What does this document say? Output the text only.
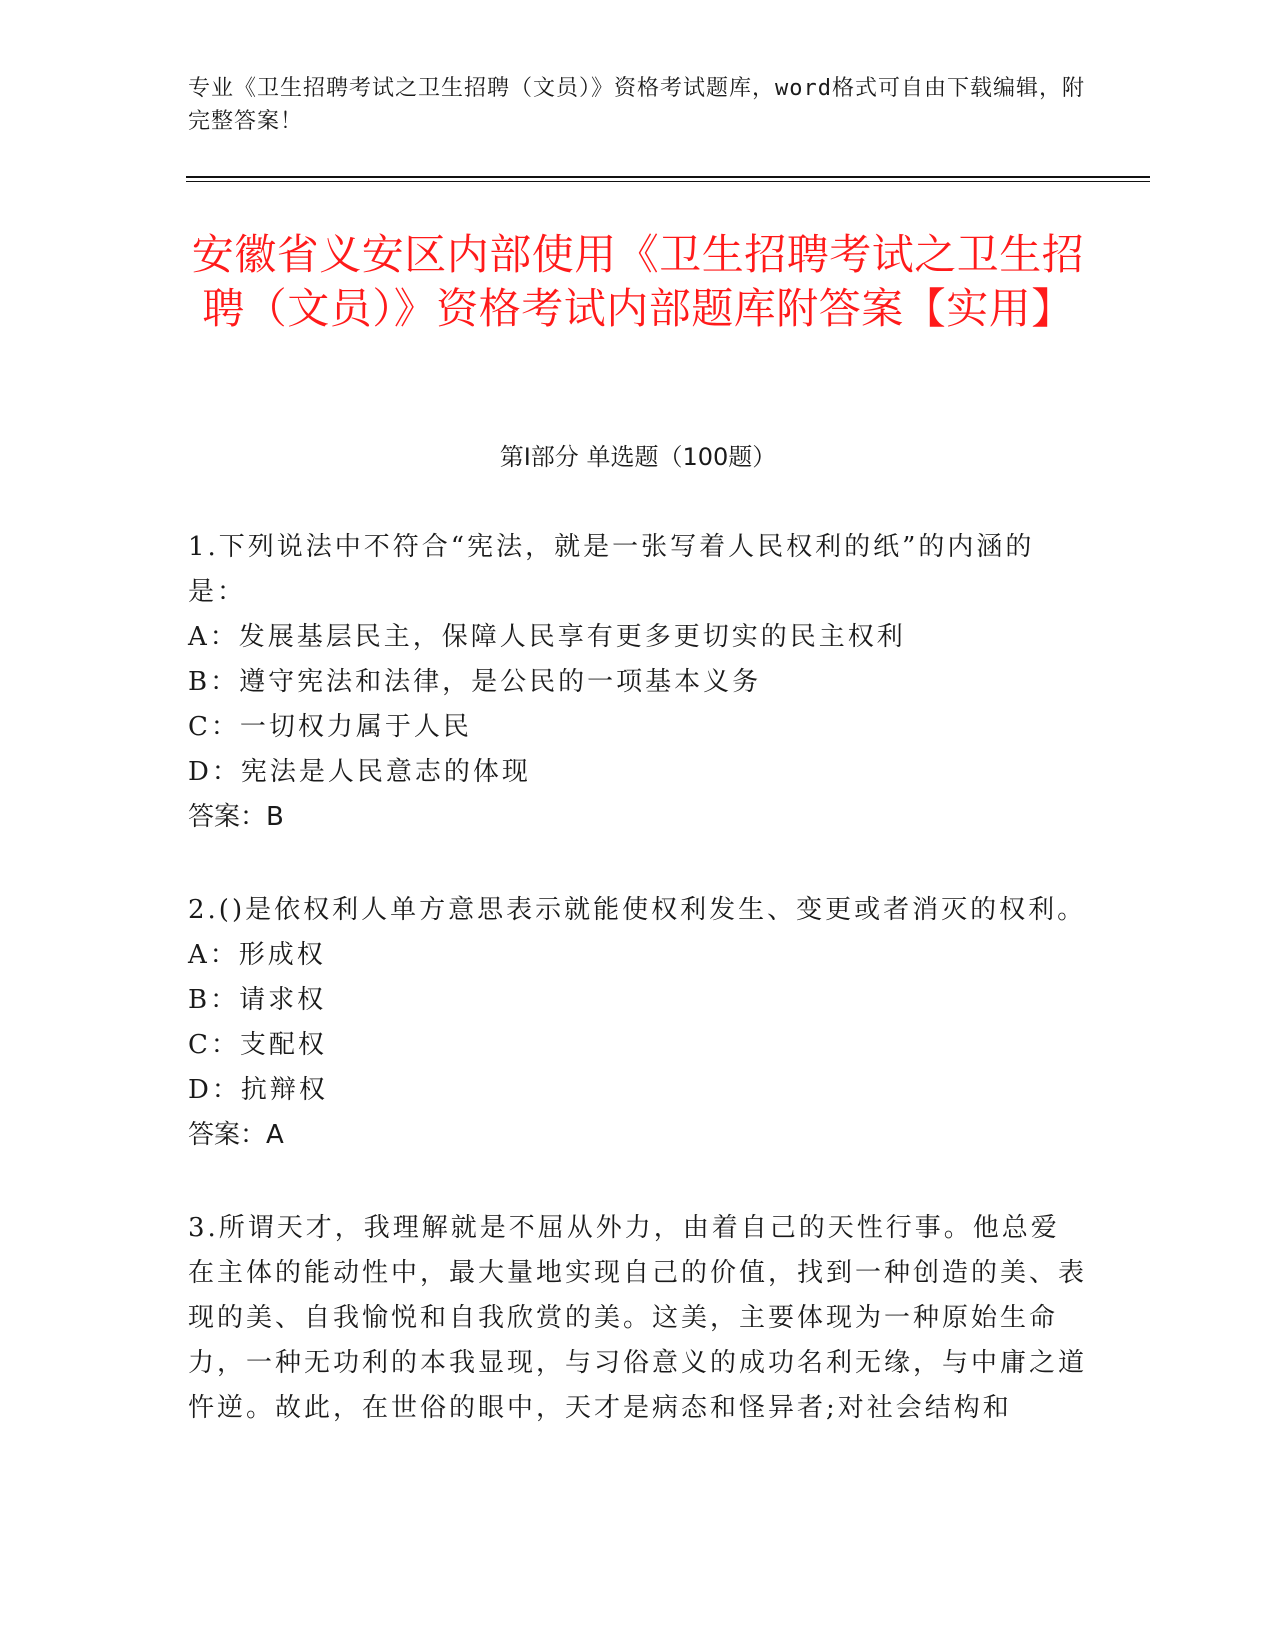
专业《卫生招聘考试之卫生招聘（文员）》资格考试题库，word格式可自由下载编辑，附完整答案！
安徽省义安区内部使用《卫生招聘考试之卫生招聘（文员）》资格考试内部题库附答案【实用】
第I部分 单选题（100题）
1.下列说法中不符合“宪法，就是一张写着人民权利的纸”的内涵的是：
A：发展基层民主，保障人民享有更多更切实的民主权利
B：遵守宪法和法律，是公民的一项基本义务
C：一切权力属于人民
D：宪法是人民意志的体现
答案：B
2.()是依权利人单方意思表示就能使权利发生、变更或者消灭的权利。
A：形成权
B：请求权
C：支配权
D：抗辩权
答案：A
3.所谓天才，我理解就是不屈从外力，由着自己的天性行事。他总爱在主体的能动性中，最大量地实现自己的价值，找到一种创造的美、表现的美、自我愉悦和自我欣赏的美。这美，主要体现为一种原始生命力，一种无功利的本我显现，与习俗意义的成功名利无缘，与中庸之道忤逆。故此，在世俗的眼中，天才是病态和怪异者;对社会结构和
